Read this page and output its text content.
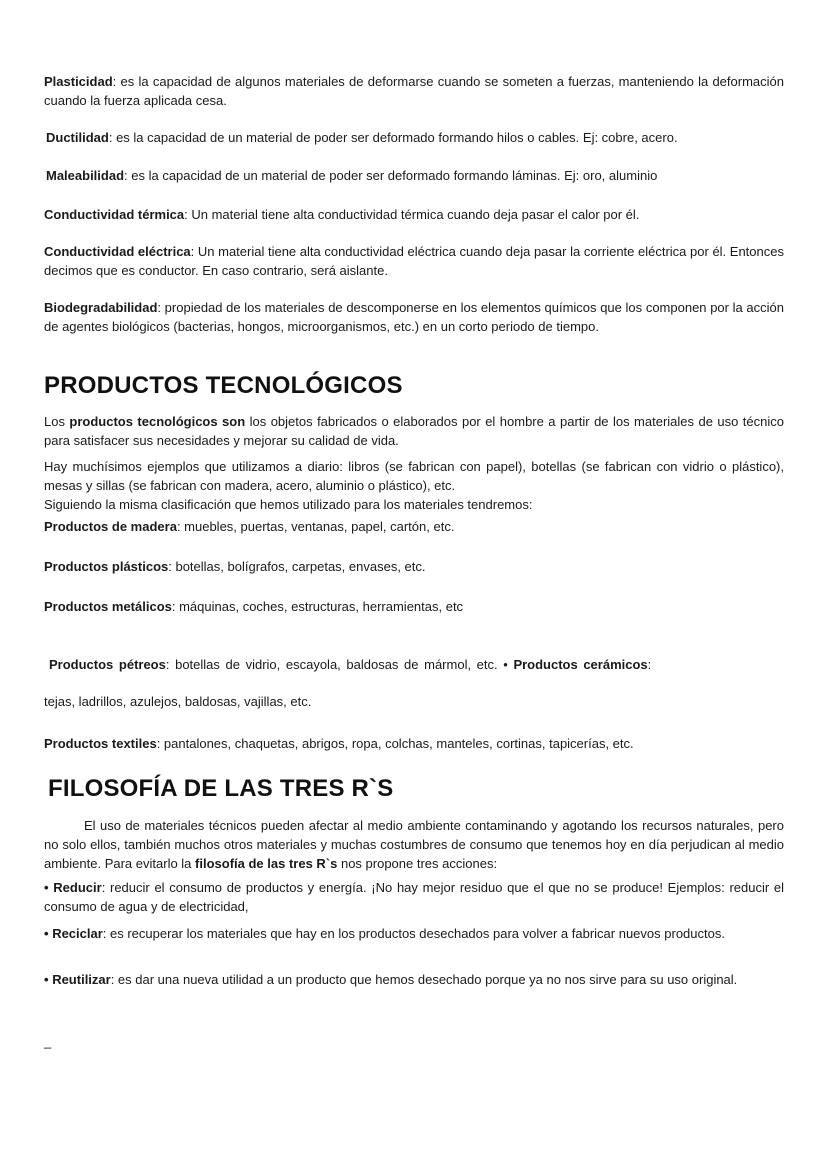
Plasticidad: es la capacidad de algunos materiales de deformarse cuando se someten a fuerzas, manteniendo la deformación cuando la fuerza aplicada cesa.

Ductilidad: es la capacidad de un material de poder ser deformado formando hilos o cables. Ej: cobre, acero.

Maleabilidad: es la capacidad de un material de poder ser deformado formando láminas. Ej: oro, aluminio

Conductividad térmica: Un material tiene alta conductividad térmica cuando deja pasar el calor por él.

Conductividad eléctrica: Un material tiene alta conductividad eléctrica cuando deja pasar la corriente eléctrica por él. Entonces decimos que es conductor. En caso contrario, será aislante.

Biodegradabilidad: propiedad de los materiales de descomponerse en los elementos químicos que los componen por la acción de agentes biológicos (bacterias, hongos, microorganismos, etc.) en un corto periodo de tiempo.

PRODUCTOS TECNOLÓGICOS

Los productos tecnológicos son los objetos fabricados o elaborados por el hombre a partir de los materiales de uso técnico para satisfacer sus necesidades y mejorar su calidad de vida.

Hay muchísimos ejemplos que utilizamos a diario: libros (se fabrican con papel), botellas (se fabrican con vidrio o plástico), mesas y sillas (se fabrican con madera, acero, aluminio o plástico), etc.

Siguiendo la misma clasificación que hemos utilizado para los materiales tendremos:

Productos de madera: muebles, puertas, ventanas, papel, cartón, etc.

Productos plásticos: botellas, bolígrafos, carpetas, envases, etc.

Productos metálicos: máquinas, coches, estructuras, herramientas, etc

Productos pétreos: botellas de vidrio, escayola, baldosas de mármol, etc. • Productos cerámicos:

tejas, ladrillos, azulejos, baldosas, vajillas, etc.

Productos textiles: pantalones, chaquetas, abrigos, ropa, colchas, manteles, cortinas, tapicerías, etc.

FILOSOFÍA DE LAS TRES R`S

El uso de materiales técnicos pueden afectar al medio ambiente contaminando y agotando los recursos naturales, pero no solo ellos, también muchos otros materiales y muchas costumbres de consumo que tenemos hoy en día perjudican al medio ambiente. Para evitarlo la filosofía de las tres R`s nos propone tres acciones:

• Reducir: reducir el consumo de productos y energía. ¡No hay mejor residuo que el que no se produce! Ejemplos: reducir el consumo de agua y de electricidad,

• Reciclar: es recuperar los materiales que hay en los productos desechados para volver a fabricar nuevos productos.

• Reutilizar: es dar una nueva utilidad a un producto que hemos desechado porque ya no nos sirve para su uso original.

_
